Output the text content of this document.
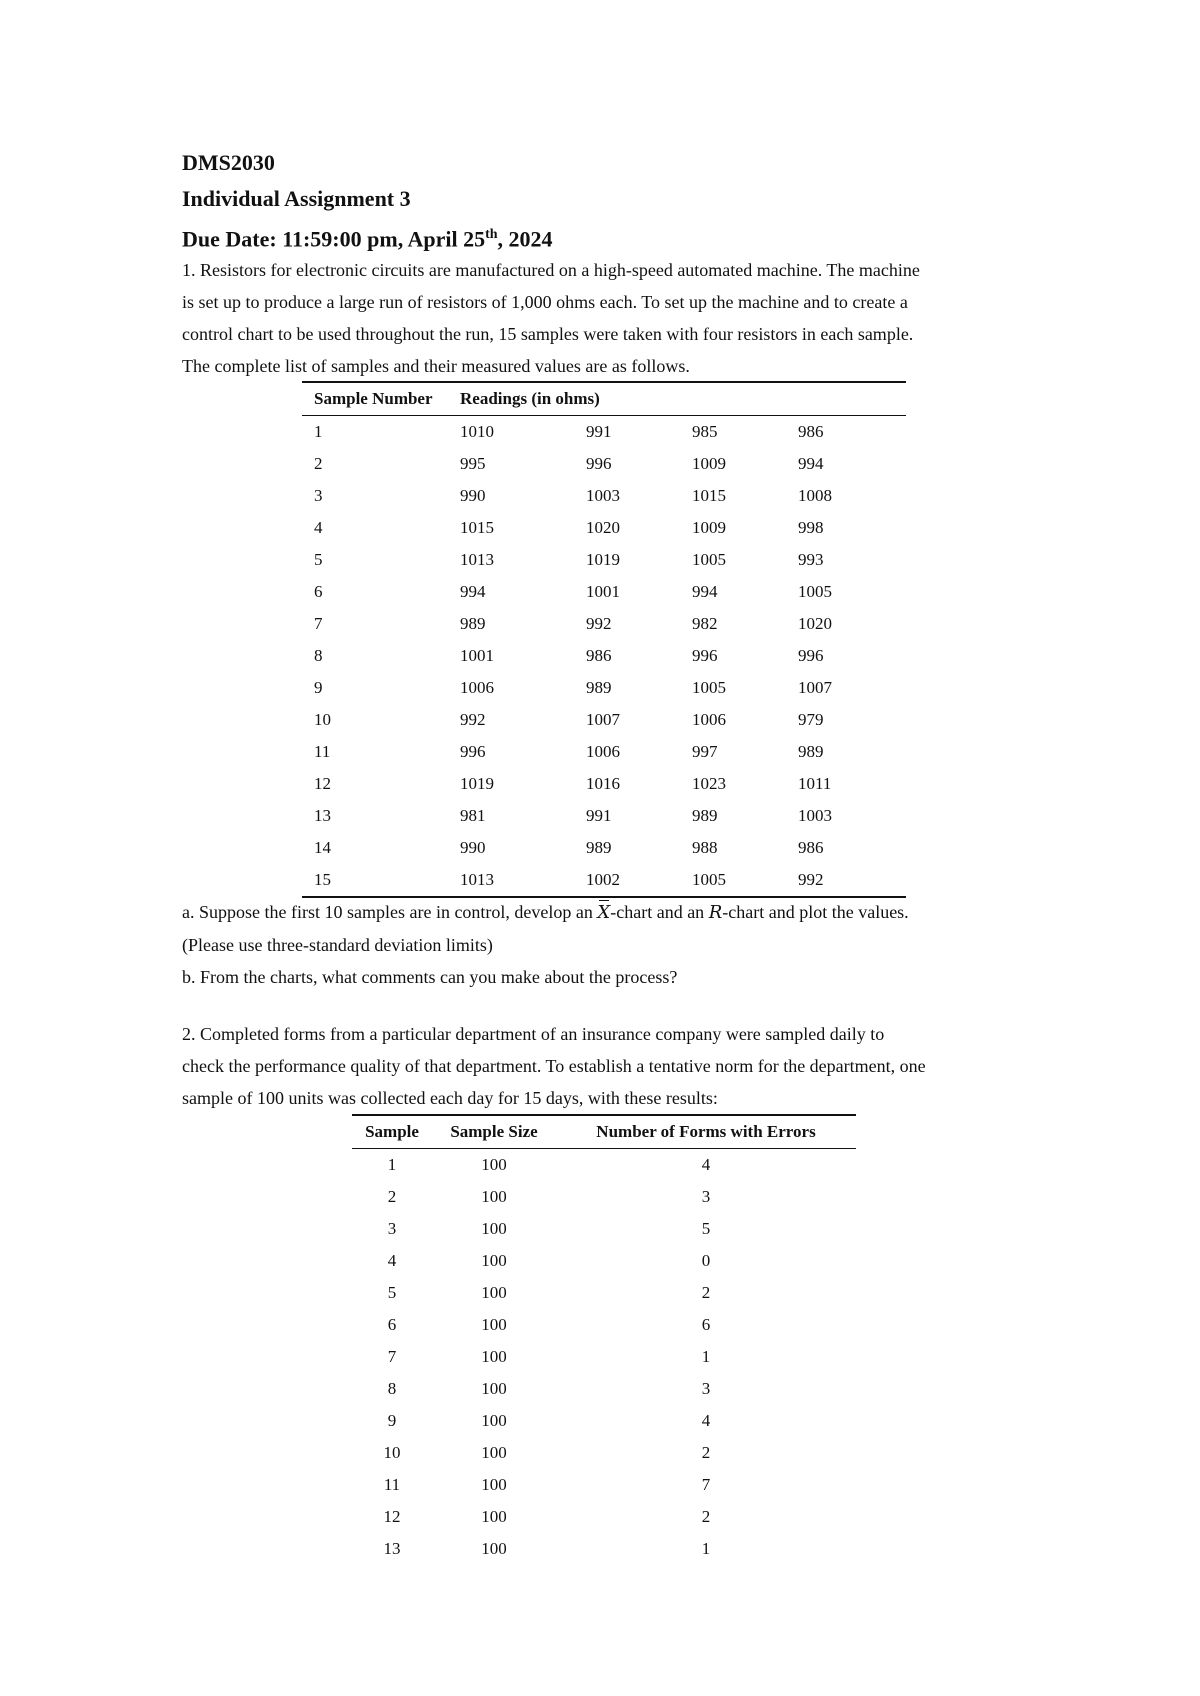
DMS2030
Individual Assignment 3
Due Date: 11:59:00 pm, April 25th, 2024
1. Resistors for electronic circuits are manufactured on a high-speed automated machine. The machine
is set up to produce a large run of resistors of 1,000 ohms each. To set up the machine and to create a
control chart to be used throughout the run, 15 samples were taken with four resistors in each sample.
The complete list of samples and their measured values are as follows.
Sample Number	Readings (in ohms)			
1	1010	991	985	986
2	995	996	1009	994
3	990	1003	1015	1008
4	1015	1020	1009	998
5	1013	1019	1005	993
6	994	1001	994	1005
7	989	992	982	1020
8	1001	986	996	996
9	1006	989	1005	1007
10	992	1007	1006	979
11	996	1006	997	989
12	1019	1016	1023	1011
13	981	991	989	1003
14	990	989	988	986
15	1013	1002	1005	992
a. Suppose the first 10 samples are in control, develop an X-chart and an R-chart and plot the values.
(Please use three-standard deviation limits)
b. From the charts, what comments can you make about the process?
2. Completed forms from a particular department of an insurance company were sampled daily to
check the performance quality of that department. To establish a tentative norm for the department, one
sample of 100 units was collected each day for 15 days, with these results:
Sample	Sample Size	Number of Forms with Errors
1	100	4
2	100	3
3	100	5
4	100	0
5	100	2
6	100	6
7	100	1
8	100	3
9	100	4
10	100	2
11	100	7
12	100	2
13	100	1
